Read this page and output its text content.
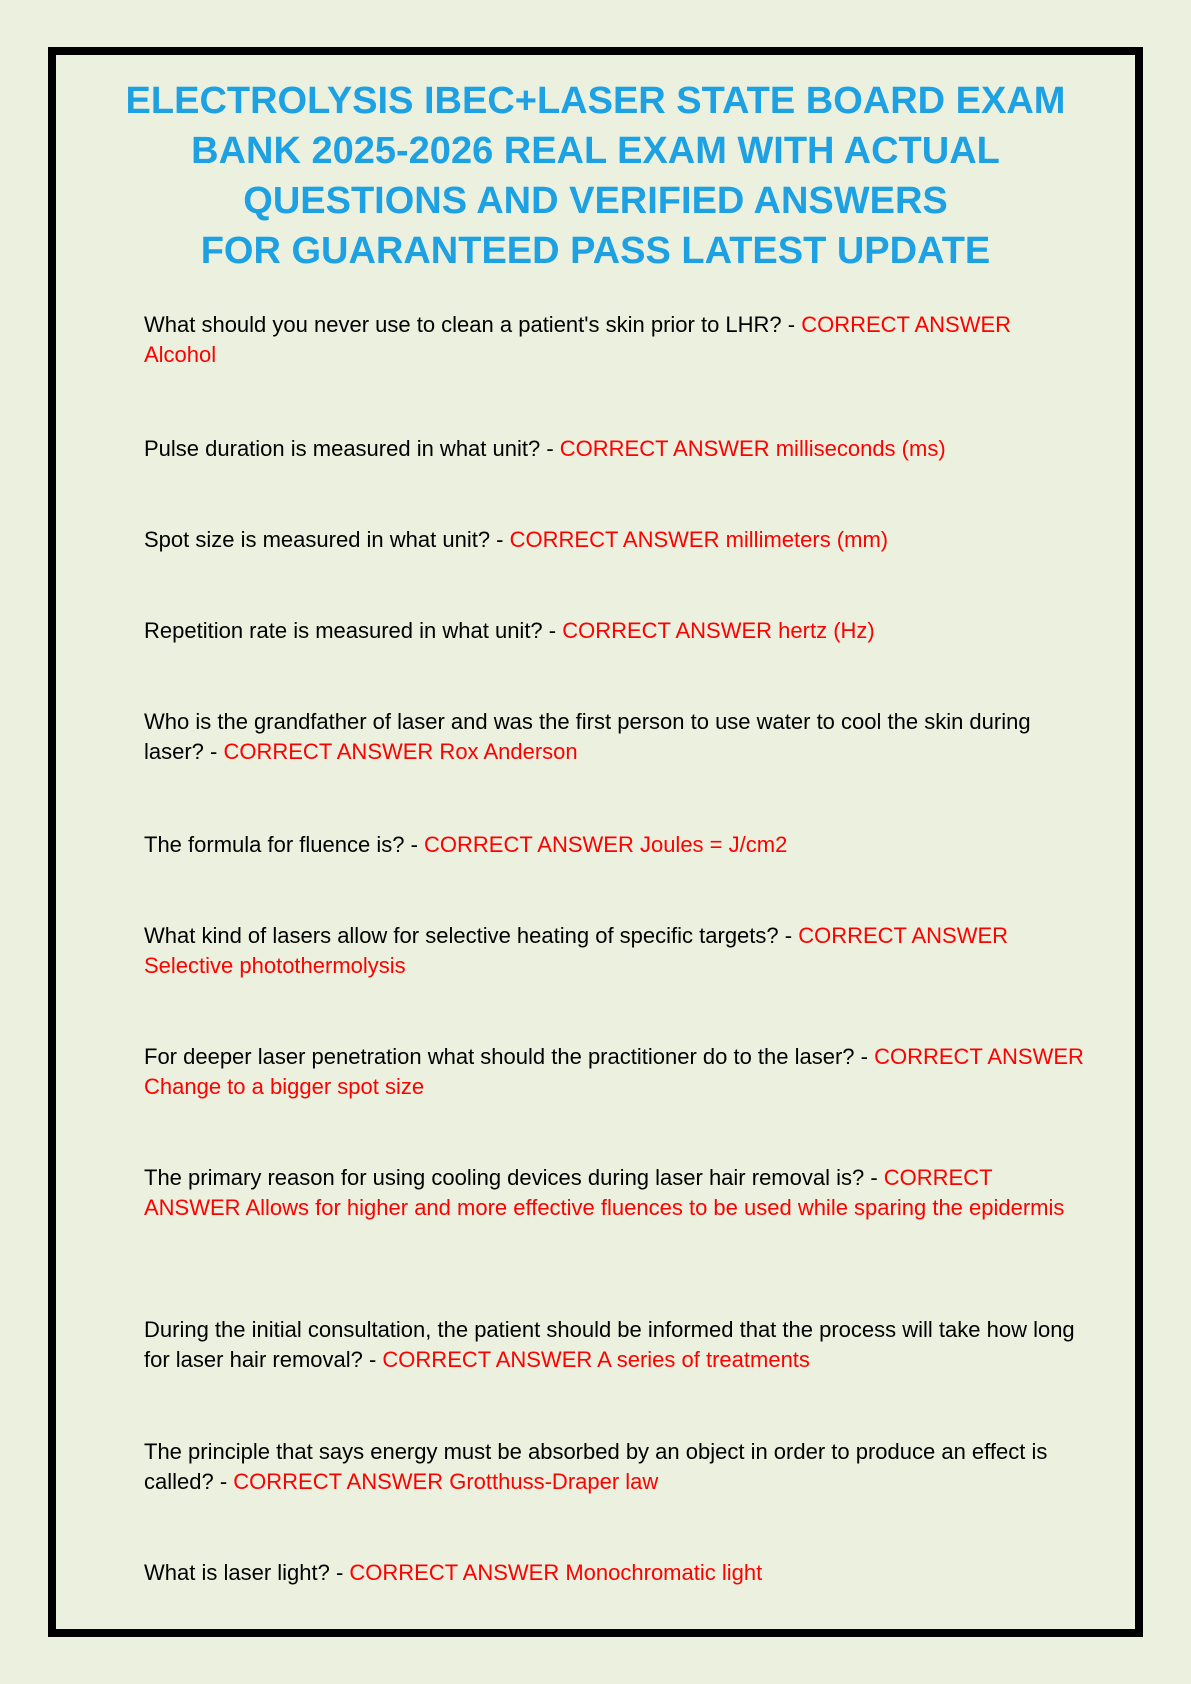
ELECTROLYSIS IBEC+LASER STATE BOARD EXAM
BANK 2025-2026 REAL EXAM WITH ACTUAL
QUESTIONS AND VERIFIED ANSWERS
FOR GUARANTEED PASS LATEST UPDATE

What should you never use to clean a patient's skin prior to LHR? - CORRECT ANSWER Alcohol

Pulse duration is measured in what unit? - CORRECT ANSWER milliseconds (ms)

Spot size is measured in what unit? - CORRECT ANSWER millimeters (mm)

Repetition rate is measured in what unit? - CORRECT ANSWER hertz (Hz)

Who is the grandfather of laser and was the first person to use water to cool the skin during laser? - CORRECT ANSWER Rox Anderson

The formula for fluence is? - CORRECT ANSWER Joules = J/cm2

What kind of lasers allow for selective heating of specific targets? - CORRECT ANSWER Selective photothermolysis

For deeper laser penetration what should the practitioner do to the laser? - CORRECT ANSWER Change to a bigger spot size

The primary reason for using cooling devices during laser hair removal is? - CORRECT ANSWER Allows for higher and more effective fluences to be used while sparing the epidermis

During the initial consultation, the patient should be informed that the process will take how long for laser hair removal? - CORRECT ANSWER A series of treatments

The principle that says energy must be absorbed by an object in order to produce an effect is called? - CORRECT ANSWER Grotthuss-Draper law

What is laser light? - CORRECT ANSWER Monochromatic light
